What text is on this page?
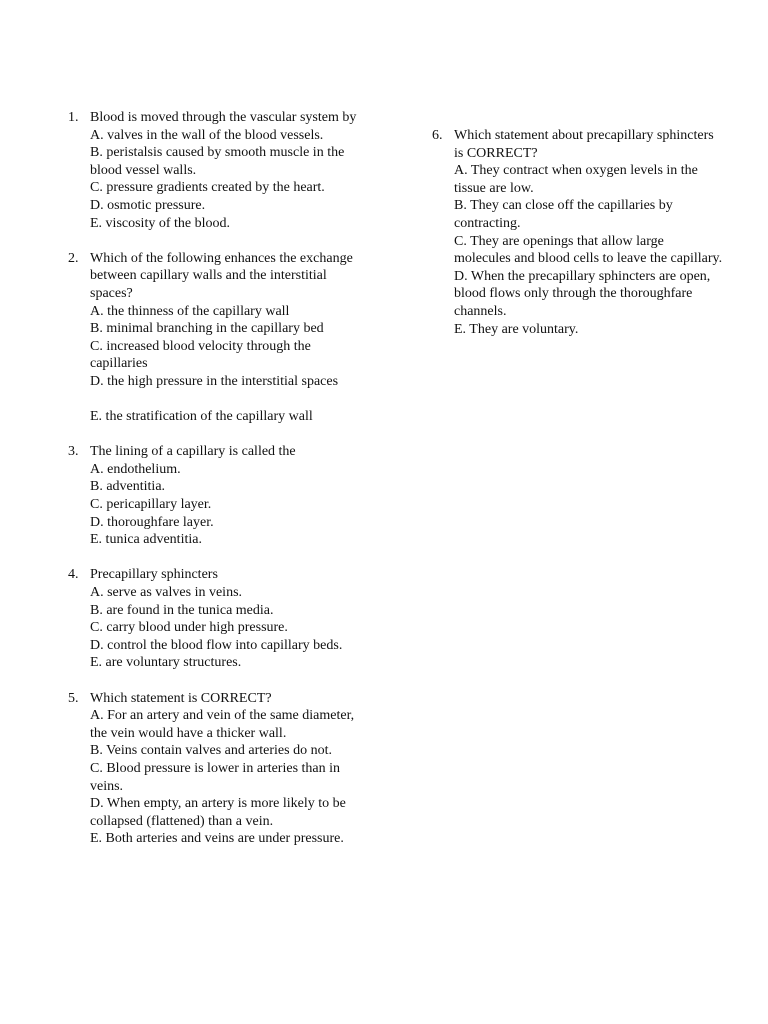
1. Blood is moved through the vascular system by
A. valves in the wall of the blood vessels.
B. peristalsis caused by smooth muscle in the blood vessel walls.
C. pressure gradients created by the heart.
D. osmotic pressure.
E. viscosity of the blood.
2. Which of the following enhances the exchange between capillary walls and the interstitial spaces?
A. the thinness of the capillary wall
B. minimal branching in the capillary bed
C. increased blood velocity through the capillaries
D. the high pressure in the interstitial spaces
E. the stratification of the capillary wall
3. The lining of a capillary is called the
A. endothelium.
B. adventitia.
C. pericapillary layer.
D. thoroughfare layer.
E. tunica adventitia.
4. Precapillary sphincters
A. serve as valves in veins.
B. are found in the tunica media.
C. carry blood under high pressure.
D. control the blood flow into capillary beds.
E. are voluntary structures.
5. Which statement is CORRECT?
A. For an artery and vein of the same diameter, the vein would have a thicker wall.
B. Veins contain valves and arteries do not.
C. Blood pressure is lower in arteries than in veins.
D. When empty, an artery is more likely to be collapsed (flattened) than a vein.
E. Both arteries and veins are under pressure.
6. Which statement about precapillary sphincters is CORRECT?
A. They contract when oxygen levels in the tissue are low.
B. They can close off the capillaries by contracting.
C. They are openings that allow large molecules and blood cells to leave the capillary.
D. When the precapillary sphincters are open, blood flows only through the thoroughfare channels.
E. They are voluntary.
